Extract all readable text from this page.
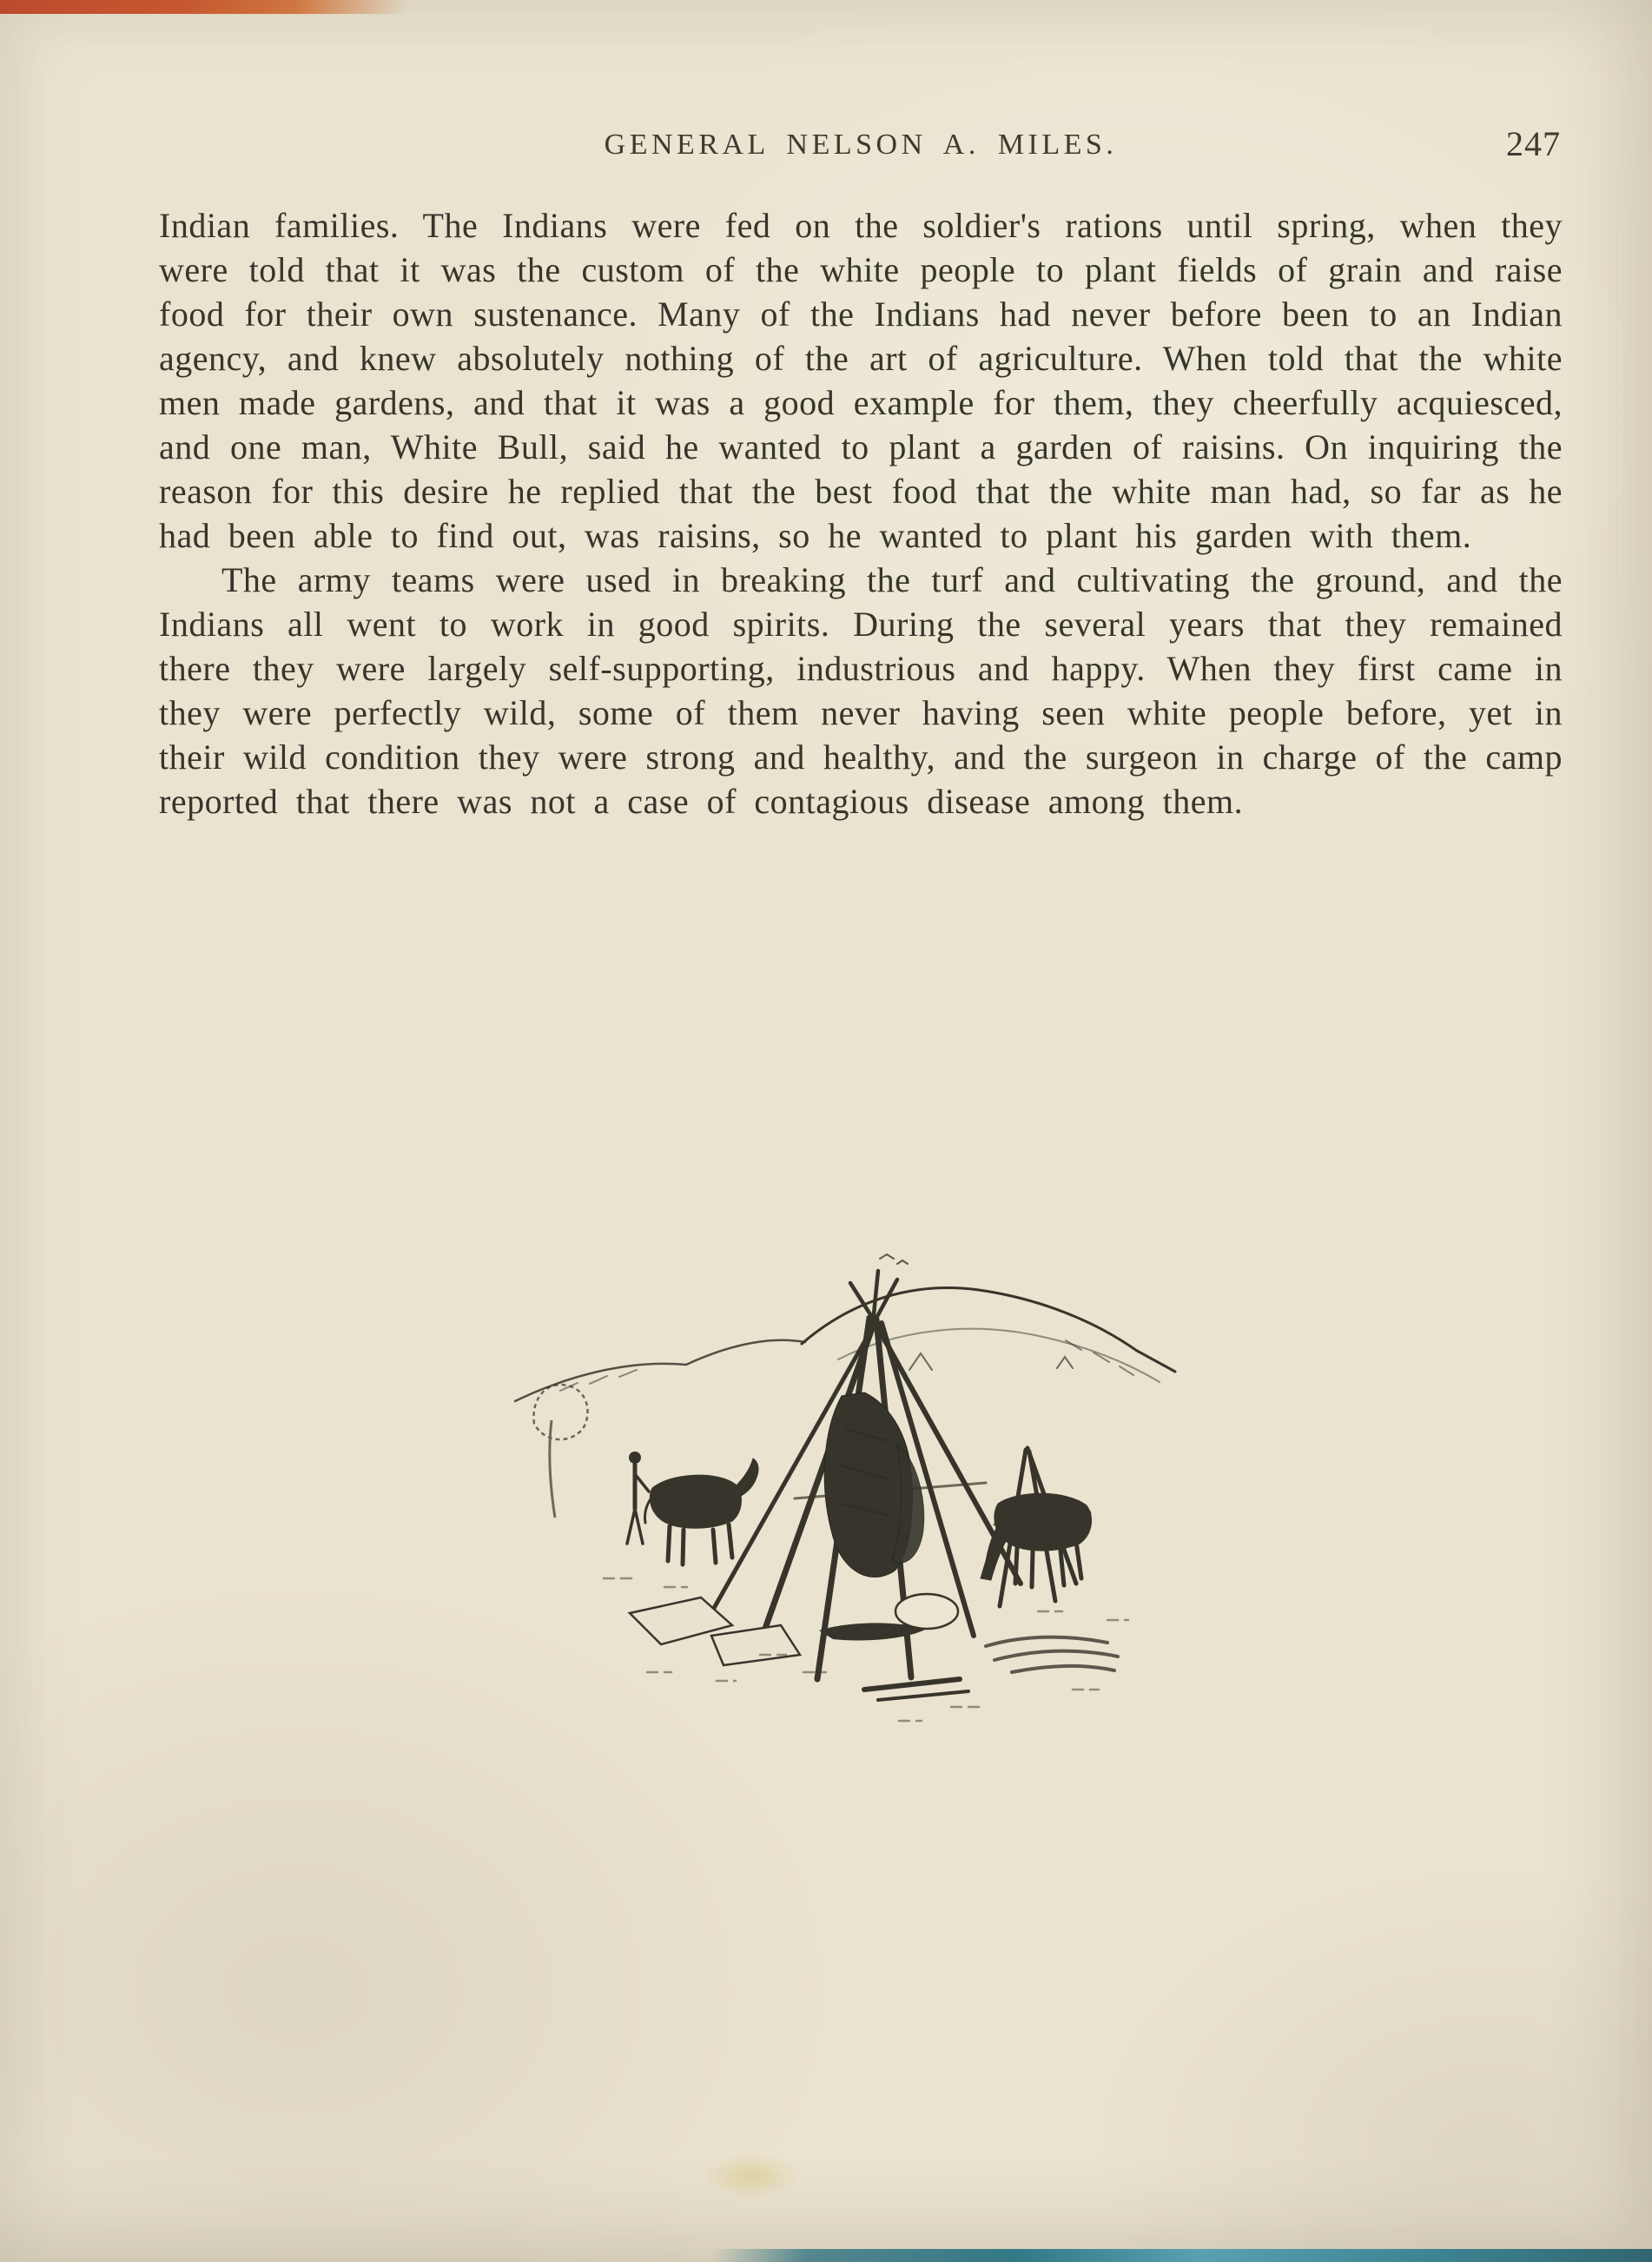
GENERAL NELSON A. MILES.	247

Indian families. The Indians were fed on the soldier's rations until spring, when they were told that it was the custom of the white people to plant fields of grain and raise food for their own sustenance. Many of the Indians had never before been to an Indian agency, and knew absolutely nothing of the art of agriculture. When told that the white men made gardens, and that it was a good example for them, they cheerfully acquiesced, and one man, White Bull, said he wanted to plant a garden of raisins. On inquiring the reason for this desire he replied that the best food that the white man had, so far as he had been able to find out, was raisins, so he wanted to plant his garden with them.

The army teams were used in breaking the turf and cultivating the ground, and the Indians all went to work in good spirits. During the several years that they remained there they were largely self-supporting, industrious and happy. When they first came in they were perfectly wild, some of them never having seen white people before, yet in their wild condition they were strong and healthy, and the surgeon in charge of the camp reported that there was not a case of contagious disease among them.
